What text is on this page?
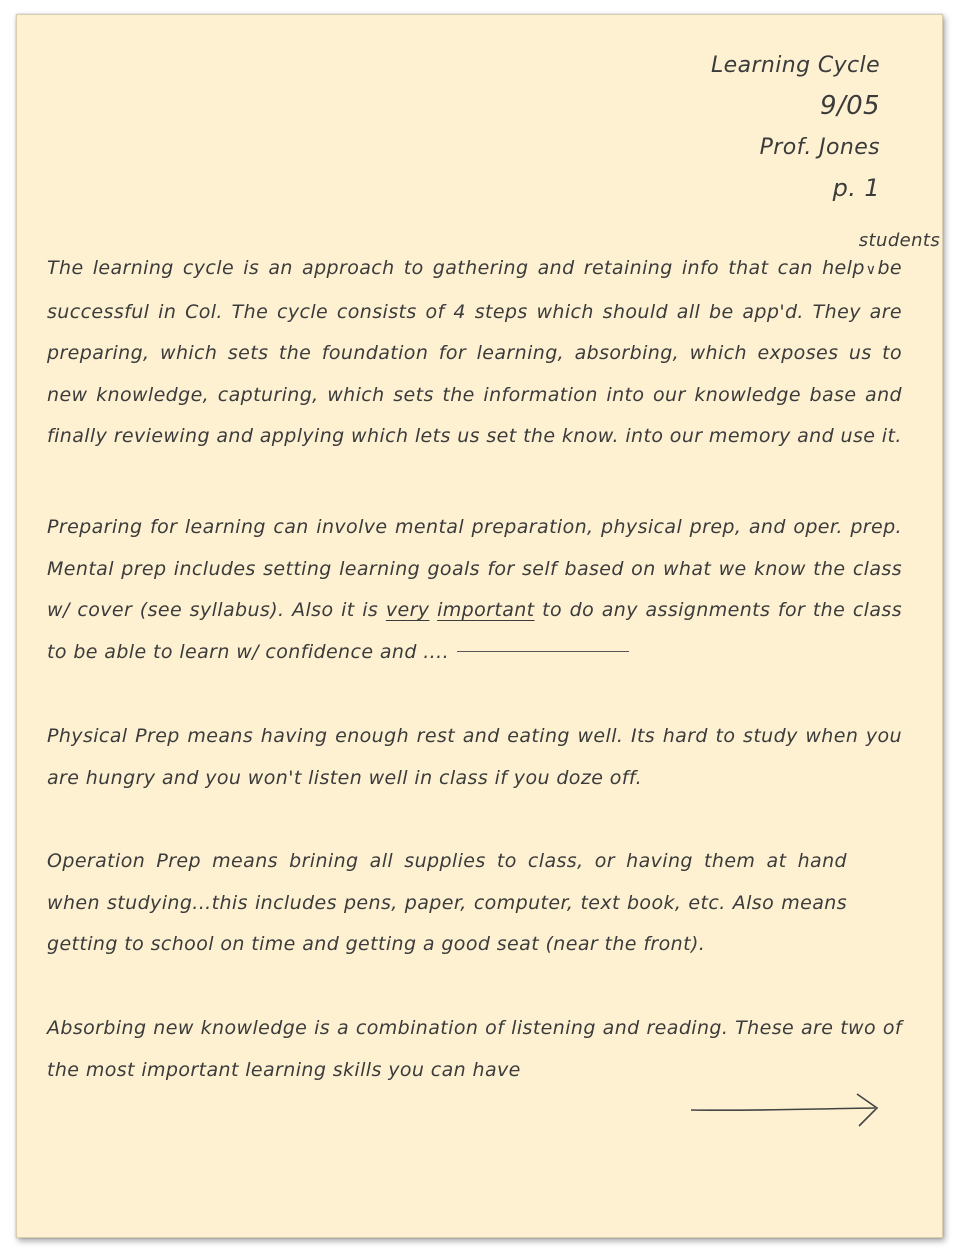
Learning Cycle
9/05
Prof. Jones
p. 1
The learning cycle is an approach to gathering and retaining info that can help
students
∨be successful in Col. The cycle consists of 4 steps which should all be app'd. They are preparing, which sets the foundation for learning, absorbing, which exposes us to new knowledge, capturing, which sets the information into our knowledge base and finally reviewing and applying which lets us set the know. into our memory and use it.
Preparing for learning can involve mental preparation, physical prep, and oper. prep. Mental prep includes setting learning goals for self based on what we know the class w/ cover (see syllabus). Also it is very important to do any assignments for the class to be able to learn w/ confidence and ....
Physical Prep means having enough rest and eating well. Its hard to study when you are hungry and you won't listen well in class if you doze off.
Operation Prep means brining all supplies to class, or having them at hand when studying...this includes pens, paper, computer, text book, etc. Also means getting to school on time and getting a good seat (near the front).
Absorbing new knowledge is a combination of listening and reading. These are two of the most important learning skills you can have
